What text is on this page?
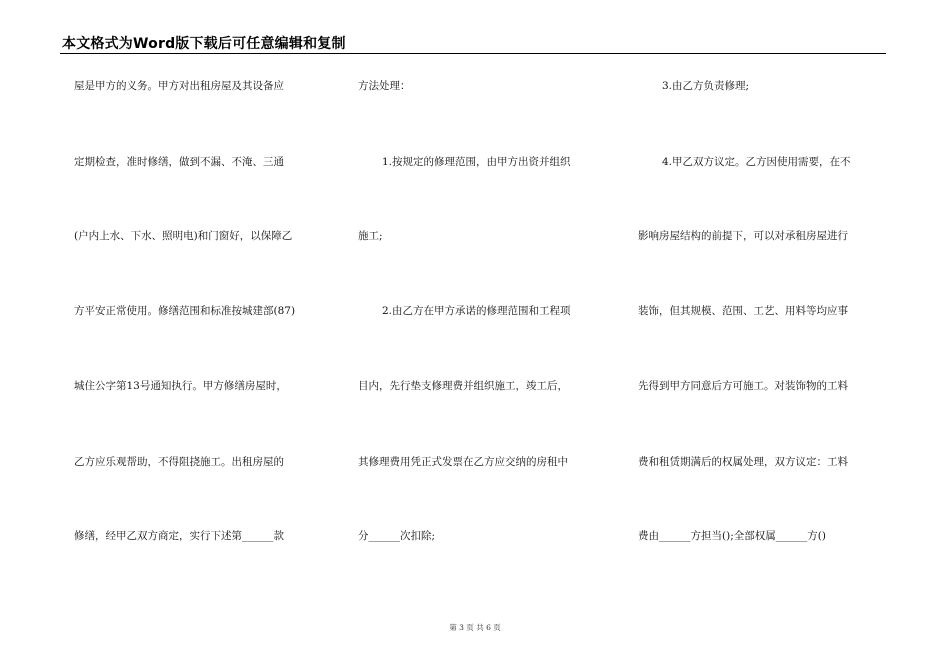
本文格式为Word版下载后可任意编辑和复制
屋是甲方的义务。甲方对出租房屋及其设备应
定期检查，准时修缮，做到不漏、不淹、三通
(户内上水、下水、照明电)和门窗好，以保障乙
方平安正常使用。修缮范围和标准按城建部(87)
城住公字第13号通知执行。甲方修缮房屋时，
乙方应乐观帮助，不得阻挠施工。出租房屋的
修缮，经甲乙双方商定，实行下述第______款
方法处理：
1.按规定的修理范围，由甲方出资并组织
施工;
2.由乙方在甲方承诺的修理范围和工程项
目内，先行垫支修理费并组织施工，竣工后，
其修理费用凭正式发票在乙方应交纳的房租中
分______次扣除;
3.由乙方负责修理;
4.甲乙双方议定。乙方因使用需要，在不
影响房屋结构的前提下，可以对承租房屋进行
装饰，但其规模、范围、工艺、用料等均应事
先得到甲方同意后方可施工。对装饰物的工料
费和租赁期满后的权属处理，双方议定：工料
费由______方担当();全部权属______方()
第 3 页 共 6 页
